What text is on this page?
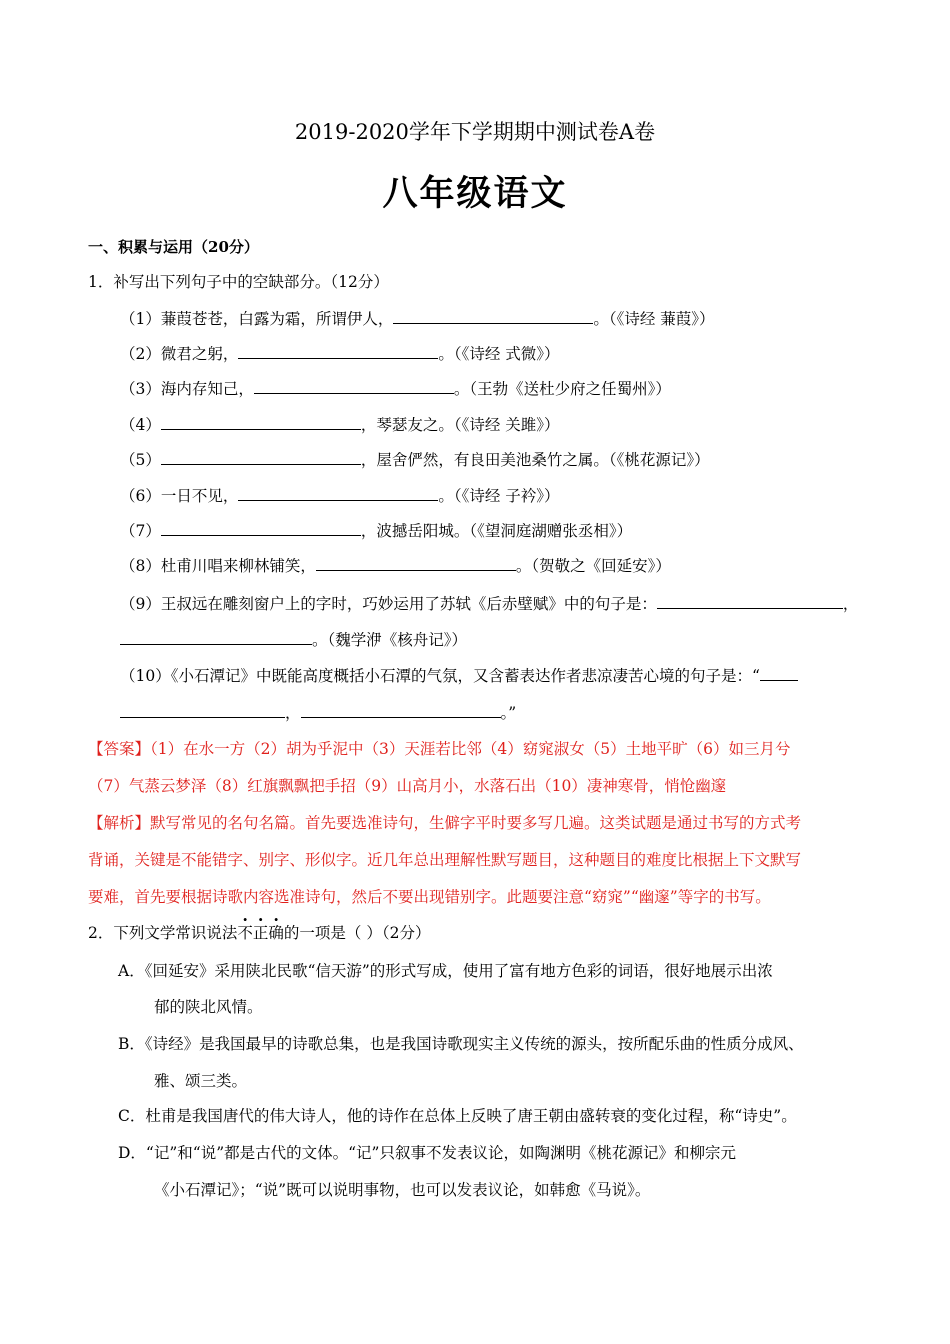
2019-2020学年下学期期中测试卷A卷
八年级语文
一、积累与运用（20分）
1．补写出下列句子中的空缺部分。（12分）
（1）蒹葭苍苍，白露为霜，所谓伊人，	。（《诗经 蒹葭》）
（2）微君之躬，	。（《诗经 式微》）
（3）海内存知己，	。（王勃《送杜少府之任蜀州》）
（4）	，琴瑟友之。（《诗经 关雎》）
（5）	，屋舍俨然，有良田美池桑竹之属。（《桃花源记》）
（6）一日不见，	。（《诗经 子衿》）
（7）	，波撼岳阳城。（《望洞庭湖赠张丞相》）
（8）杜甫川唱来柳林铺笑，	。（贺敬之《回延安》）
（9）王叔远在雕刻窗户上的字时，巧妙运用了苏轼《后赤壁赋》中的句子是：	，
。（魏学洢《核舟记》）
（10）《小石潭记》中既能高度概括小石潭的气氛，又含蓄表达作者悲凉凄苦心境的句子是：“
，	。”
【答案】（1）在水一方（2）胡为乎泥中（3）天涯若比邻（4）窈窕淑女（5）土地平旷（6）如三月兮
（7）气蒸云梦泽（8）红旗飘飘把手招（9）山高月小，水落石出（10）凄神寒骨，悄怆幽邃
【解析】默写常见的名句名篇。首先要选准诗句，生僻字平时要多写几遍。这类试题是通过书写的方式考
背诵，关键是不能错字、别字、形似字。近几年总出理解性默写题目，这种题目的难度比根据上下文默写
要难，首先要根据诗歌内容选准诗句，然后不要出现错别字。此题要注意“窈窕”“幽邃”等字的书写。
2．下列文学常识说法不正确的一项是（ ）（2分）
A．《回延安》采用陕北民歌“信天游”的形式写成，使用了富有地方色彩的词语，很好地展示出浓
郁的陕北风情。
B．《诗经》是我国最早的诗歌总集，也是我国诗歌现实主义传统的源头，按所配乐曲的性质分成风、
雅、颂三类。
C．杜甫是我国唐代的伟大诗人，他的诗作在总体上反映了唐王朝由盛转衰的变化过程，称“诗史”。
D．“记”和“说”都是古代的文体。“记”只叙事不发表议论，如陶渊明《桃花源记》和柳宗元
《小石潭记》；“说”既可以说明事物，也可以发表议论，如韩愈《马说》。
